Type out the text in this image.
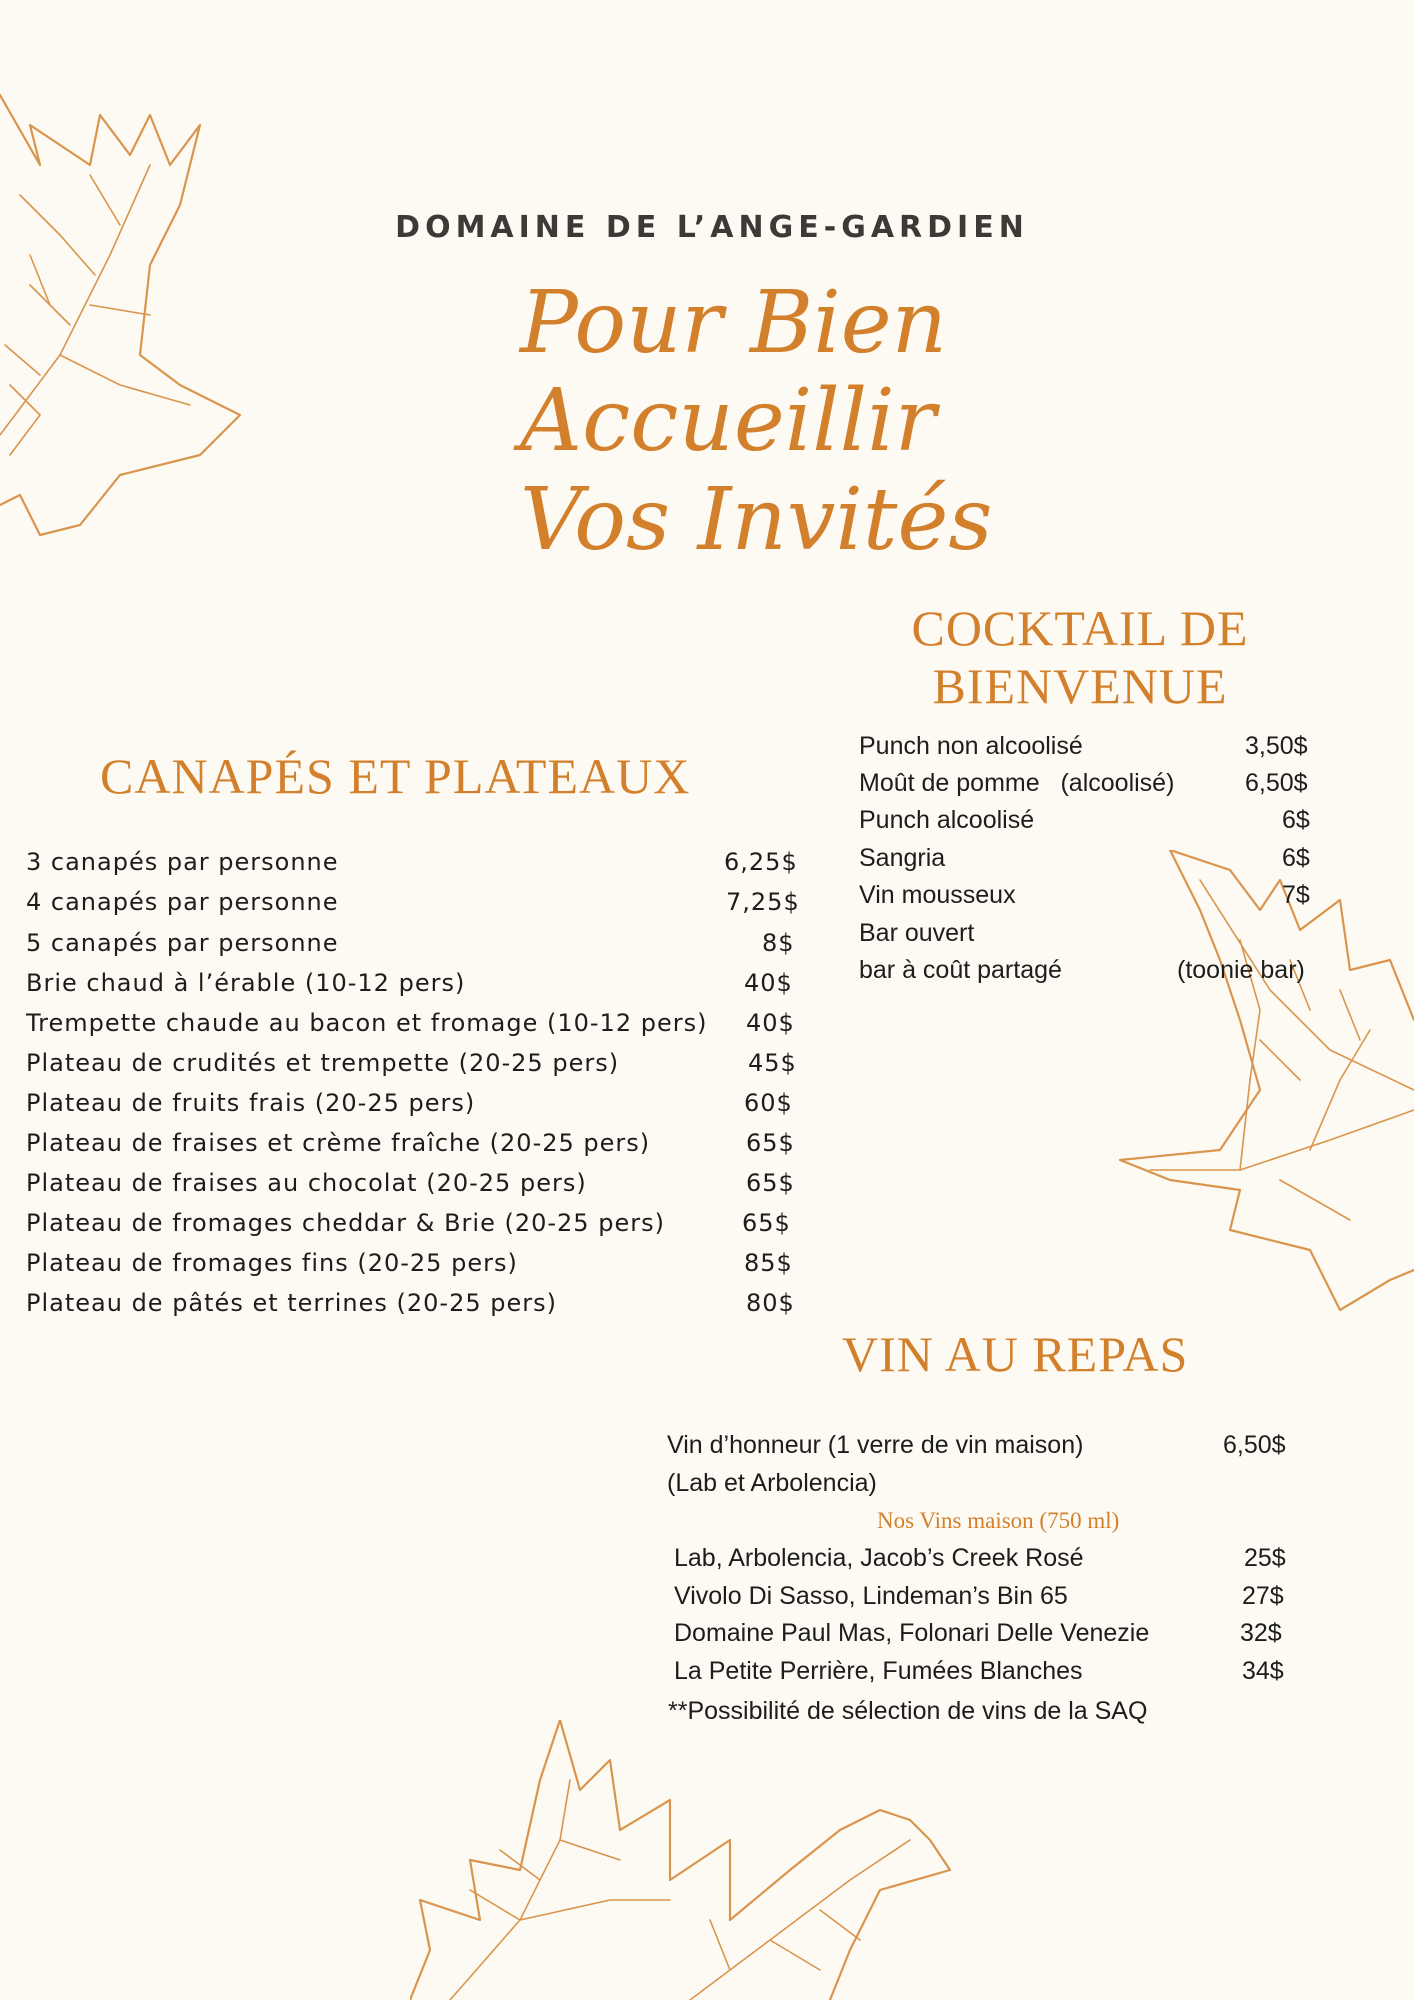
DOMAINE DE L’ANGE-GARDIEN
Pour Bien
Accueillir
Vos Invités
CANAPÉS ET PLATEAUX
3 canapés par personne	6,25$
4 canapés par personne	7,25$
5 canapés par personne	8$
Brie chaud à l’érable (10-12 pers)	40$
Trempette chaude au bacon et fromage (10-12 pers) 40$
Plateau de crudités et trempette (20-25 pers)	45$
Plateau de fruits frais (20-25 pers)	60$
Plateau de fraises et crème fraîche (20-25 pers)	65$
Plateau de fraises au chocolat (20-25 pers)	65$
Plateau de fromages cheddar & Brie (20-25 pers)	65$
Plateau de fromages fins (20-25 pers)	85$
Plateau de pâtés et terrines (20-25 pers)	80$
COCKTAIL DE
BIENVENUE
Punch non alcoolisé	3,50$
Moût de pomme   (alcoolisé)	6,50$
Punch alcoolisé	6$
Sangria	6$
Vin mousseux	7$
Bar ouvert
bar à coût partagé	(toonie bar)
VIN AU REPAS
Vin d’honneur (1 verre de vin maison)	6,50$
(Lab et Arbolencia)
Nos Vins maison (750 ml)
Lab, Arbolencia, Jacob’s Creek Rosé	25$
Vivolo Di Sasso, Lindeman’s Bin 65	27$
Domaine Paul Mas, Folonari Delle Venezie	32$
La Petite Perrière, Fumées Blanches	34$
**Possibilité de sélection de vins de la SAQ
